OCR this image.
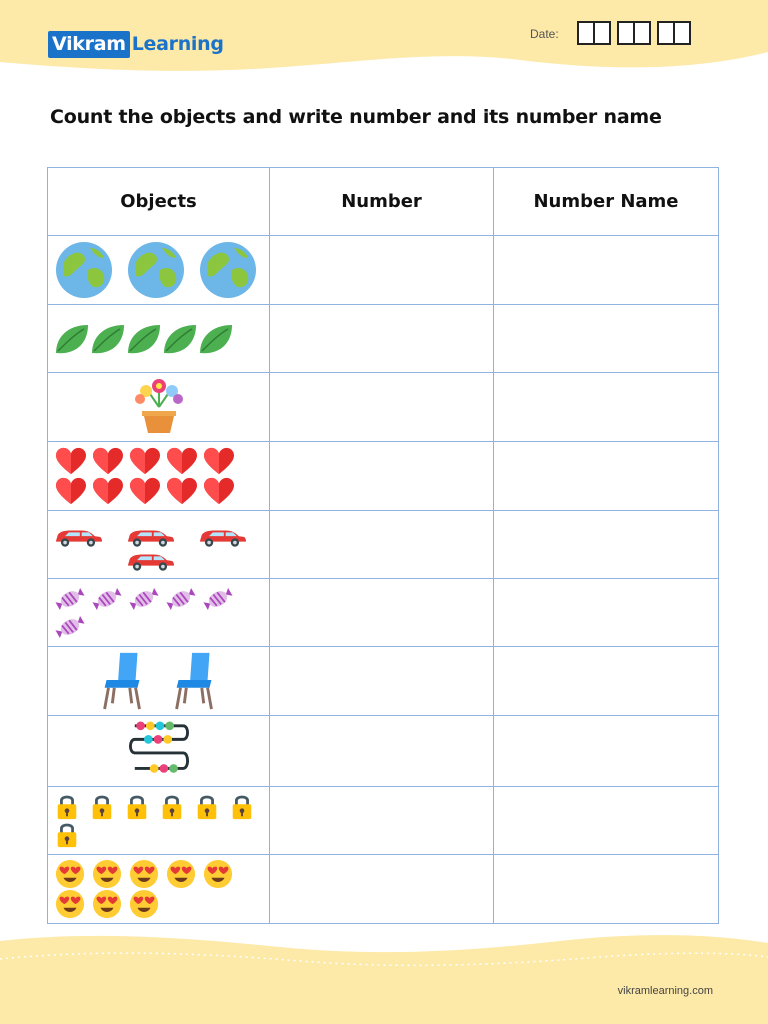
Vikram Learning	Date:
Count the objects and write number and its number name
Objects	Number	Number Name

vikramlearning.com
